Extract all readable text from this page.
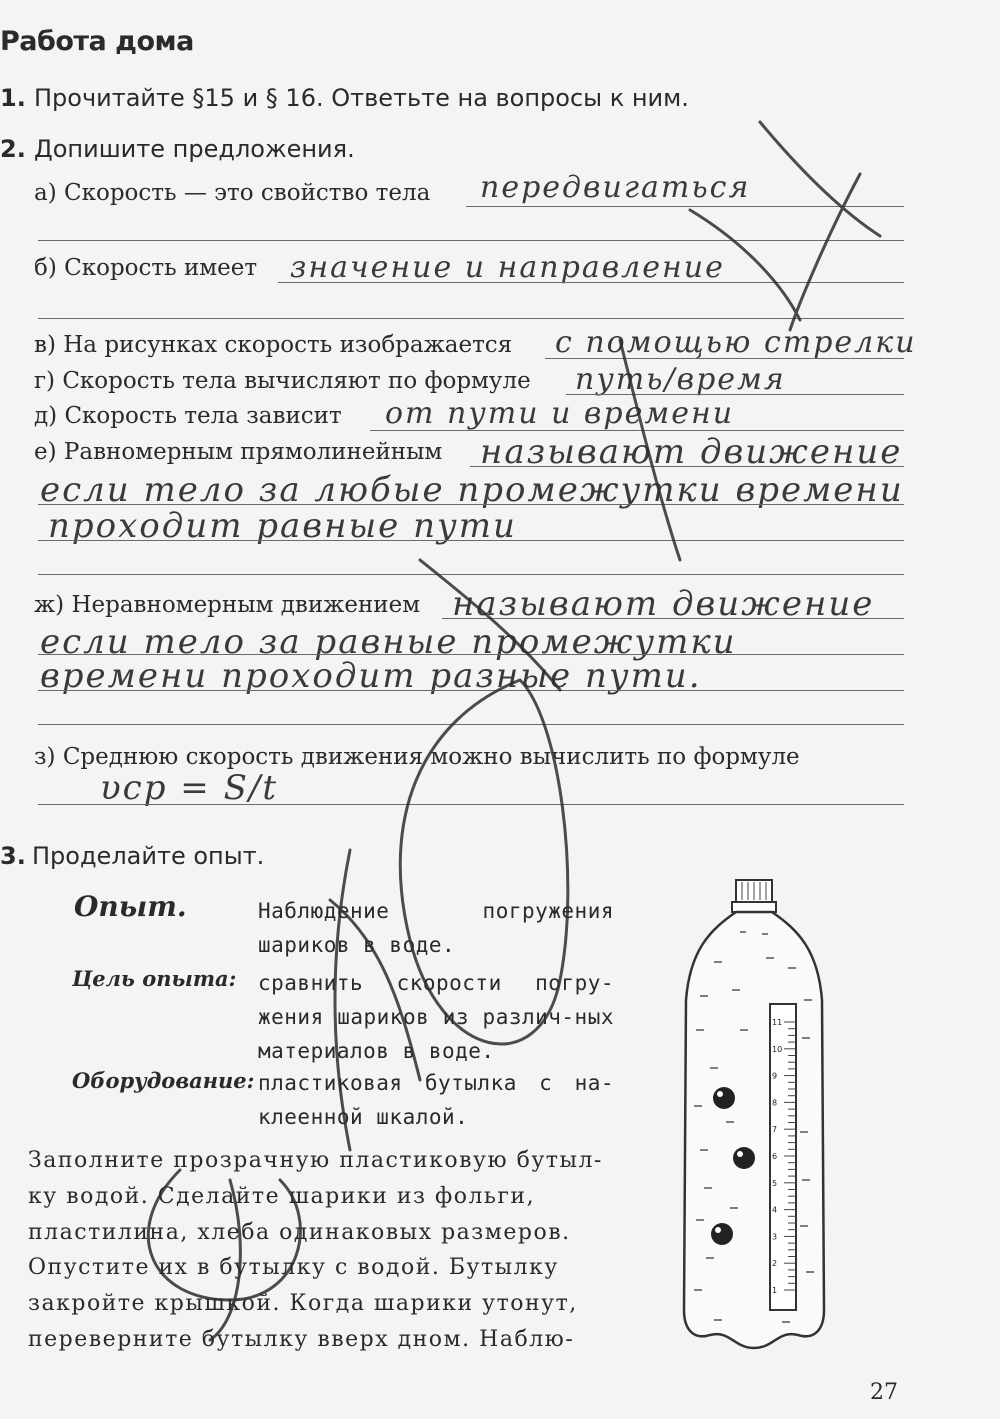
Работа дома
1. Прочитайте §15 и § 16. Ответьте на вопросы к ним.
2. Допишите предложения.
а) Скорость — это свойство тела передвигаться
б) Скорость имеет значение и направление
в) На рисунках скорость изображается с помощью стрелки
г) Скорость тела вычисляют по формуле путь/время
д) Скорость тела зависит от пути и времени
е) Равномерным прямолинейным называют движение
если тело за любые промежутки времени
проходит равные пути
ж) Неравномерным движением называют движение
если тело за равные промежутки
времени проходит разные пути.
з) Среднюю скорость движения можно вычислить по формуле
υср = S/t
3. Проделайте опыт.
Опыт.	Наблюдение погружения шариков в воде.
Цель опыта: сравнить скорости погру-жения шариков из различ-ных материалов в воде.
Оборудование: пластиковая бутылка с на-клеенной шкалой.
Заполните прозрачную пластиковую бутыл-
ку водой. Сделайте шарики из фольги,
пластилина, хлеба одинаковых размеров.
Опустите их в бутылку с водой. Бутылку
закройте крышкой. Когда шарики утонут,
переверните бутылку вверх дном. Наблю-
11
10
9
8
7
6
5
4
3
2
1
27
